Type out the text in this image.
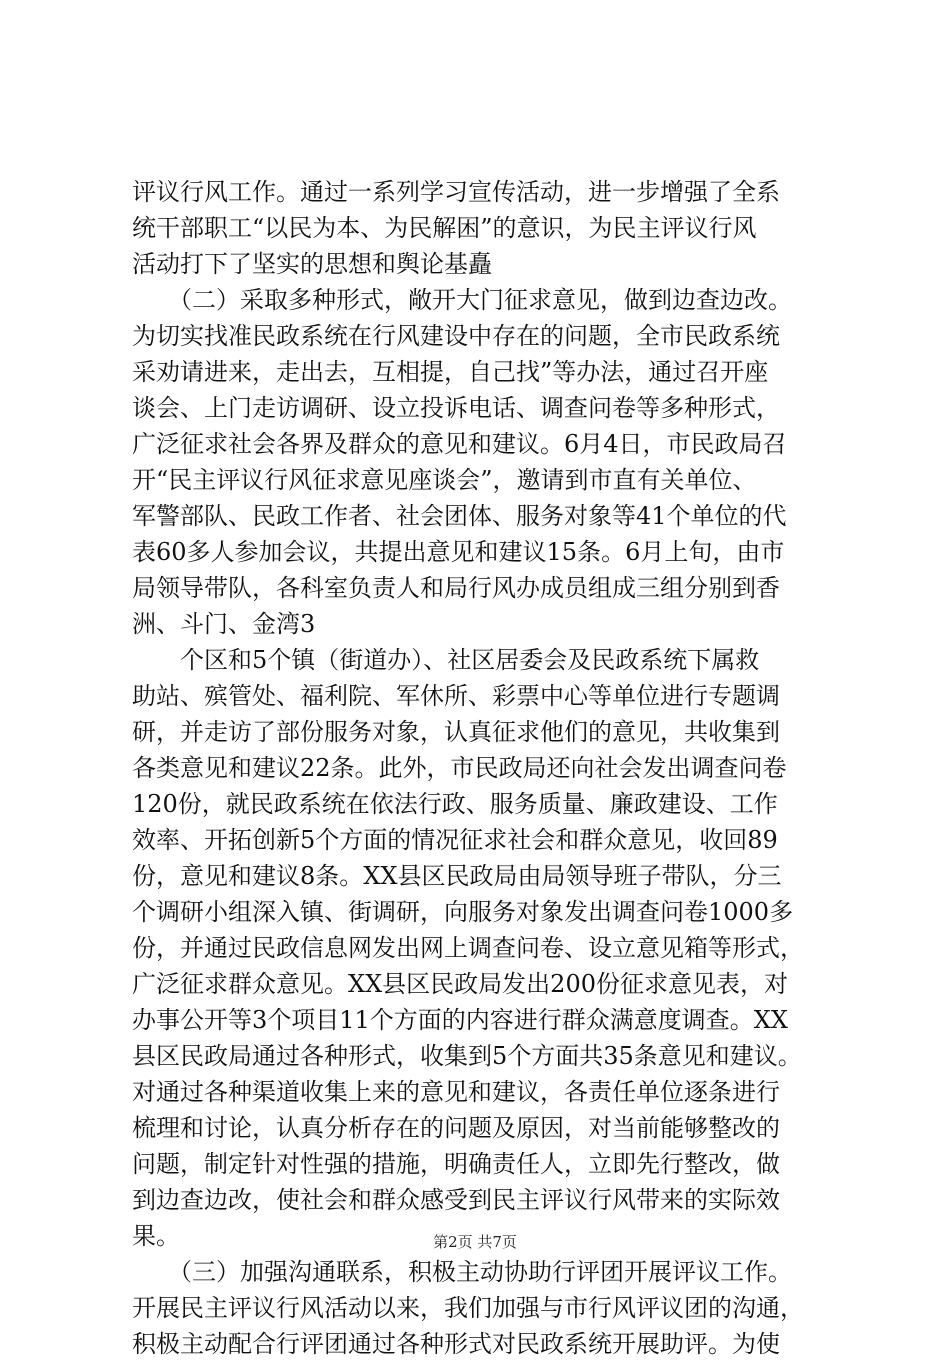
评议行风工作。通过一系列学习宣传活动，进一步增强了全系
统干部职工“以民为本、为民解困”的意识，为民主评议行风
活动打下了坚实的思想和舆论基矗
　　（二）采取多种形式，敞开大门征求意见，做到边查边改。
为切实找准民政系统在行风建设中存在的问题，全市民政系统
采劝请进来，走出去，互相提，自己找”等办法，通过召开座
谈会、上门走访调研、设立投诉电话、调查问卷等多种形式，
广泛征求社会各界及群众的意见和建议。6月4日，市民政局召
开“民主评议行风征求意见座谈会”，邀请到市直有关单位、
军警部队、民政工作者、社会团体、服务对象等41个单位的代
表60多人参加会议，共提出意见和建议15条。6月上旬，由市
局领导带队，各科室负责人和局行风办成员组成三组分别到香
洲、斗门、金湾3
　　个区和5个镇（街道办）、社区居委会及民政系统下属救
助站、殡管处、福利院、军休所、彩票中心等单位进行专题调
研，并走访了部份服务对象，认真征求他们的意见，共收集到
各类意见和建议22条。此外，市民政局还向社会发出调查问卷
120份，就民政系统在依法行政、服务质量、廉政建设、工作
效率、开拓创新5个方面的情况征求社会和群众意见，收回89
份，意见和建议8条。XX县区民政局由局领导班子带队，分三
个调研小组深入镇、街调研，向服务对象发出调查问卷1000多
份，并通过民政信息网发出网上调查问卷、设立意见箱等形式，
广泛征求群众意见。XX县区民政局发出200份征求意见表，对
办事公开等3个项目11个方面的内容进行群众满意度调查。XX
县区民政局通过各种形式，收集到5个方面共35条意见和建议。
对通过各种渠道收集上来的意见和建议，各责任单位逐条进行
梳理和讨论，认真分析存在的问题及原因，对当前能够整改的
问题，制定针对性强的措施，明确责任人，立即先行整改，做
到边查边改，使社会和群众感受到民主评议行风带来的实际效
果。
　　（三）加强沟通联系，积极主动协助行评团开展评议工作。
开展民主评议行风活动以来，我们加强与市行风评议团的沟通，
积极主动配合行评团通过各种形式对民政系统开展助评。为使
第2页 共7页
